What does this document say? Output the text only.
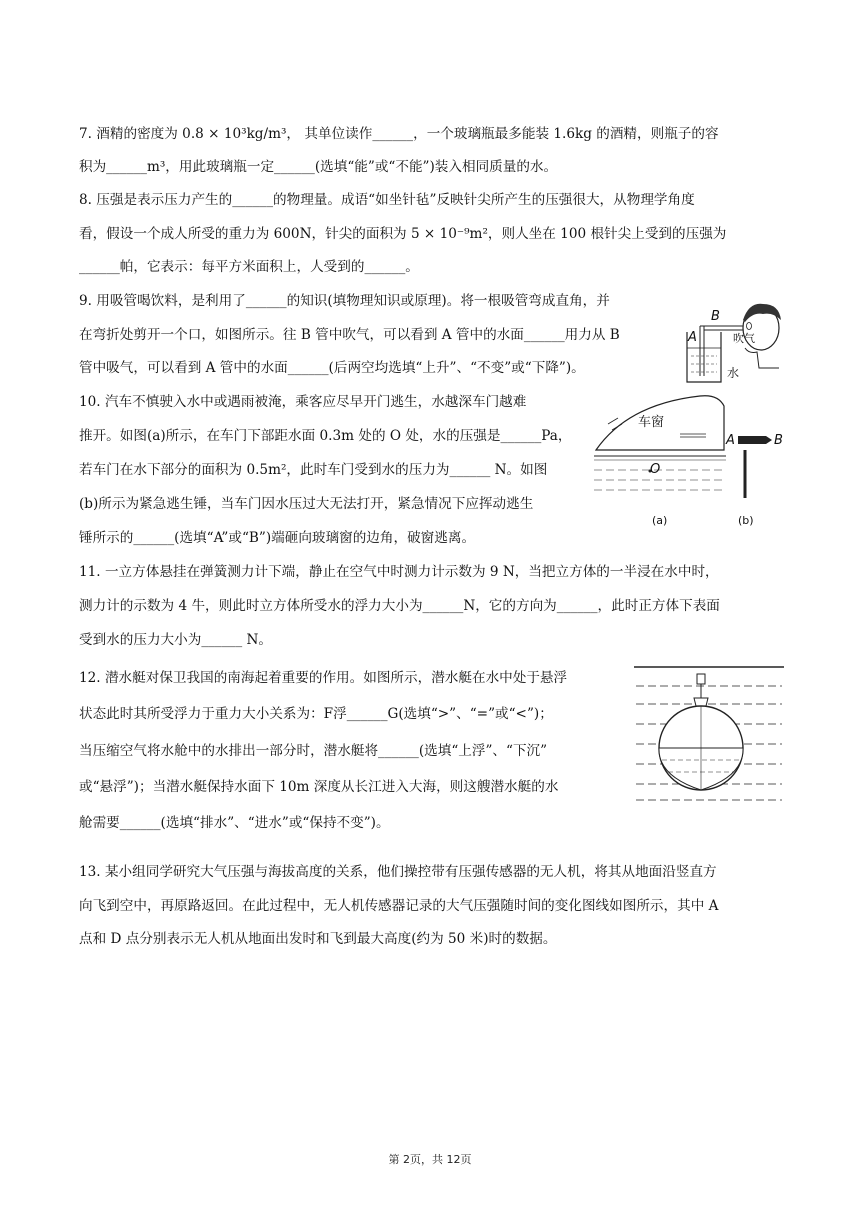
7. 酒精的密度为 0.8 × 10³kg/m³， 其单位读作______，一个玻璃瓶最多能装 1.6kg 的酒精，则瓶子的容
积为______m³，用此玻璃瓶一定______(选填“能”或“不能”)装入相同质量的水。
8. 压强是表示压力产生的______的物理量。成语“如坐针毡”反映针尖所产生的压强很大，从物理学角度
看，假设一个成人所受的重力为 600N，针尖的面积为 5 × 10⁻⁹m²，则人坐在 100 根针尖上受到的压强为
______帕，它表示：每平方米面积上，人受到的______。
9. 用吸管喝饮料，是利用了______的知识(填物理知识或原理)。将一根吸管弯成直角，并
在弯折处剪开一个口，如图所示。往 B 管中吹气，可以看到 A 管中的水面______用力从 B
管中吸气，可以看到 A 管中的水面______(后两空均选填“上升”、“不变”或“下降”)。
A
B
吹气
水
10. 汽车不慎驶入水中或遇雨被淹，乘客应尽早开门逃生，水越深车门越难
推开。如图(a)所示，在车门下部距水面 0.3m 处的 O 处，水的压强是______Pa，
若车门在水下部分的面积为 0.5m²，此时车门受到水的压力为______ N。如图
(b)所示为紧急逃生锤，当车门因水压过大无法打开，紧急情况下应挥动逃生
锤所示的______(选填“A”或“B”)端砸向玻璃窗的边角，破窗逃离。
车窗
O
A	B
(a)	(b)
11. 一立方体悬挂在弹簧测力计下端，静止在空气中时测力计示数为 9 N，当把立方体的一半浸在水中时，
测力计的示数为 4 牛，则此时立方体所受水的浮力大小为______N，它的方向为______，此时正方体下表面
受到水的压力大小为______ N。
12. 潜水艇对保卫我国的南海起着重要的作用。如图所示，潜水艇在水中处于悬浮
状态此时其所受浮力于重力大小关系为：F浮______G(选填“>”、“=”或“<”)；
当压缩空气将水舱中的水排出一部分时，潜水艇将______(选填“上浮”、“下沉”
或“悬浮”)；当潜水艇保持水面下 10m 深度从长江进入大海，则这艘潜水艇的水
舱需要______(选填“排水”、“进水”或“保持不变”)。
13. 某小组同学研究大气压强与海拔高度的关系，他们操控带有压强传感器的无人机，将其从地面沿竖直方
向飞到空中，再原路返回。在此过程中，无人机传感器记录的大气压强随时间的变化图线如图所示，其中 A
点和 D 点分别表示无人机从地面出发时和飞到最大高度(约为 50 米)时的数据。
第 2页，共 12页
